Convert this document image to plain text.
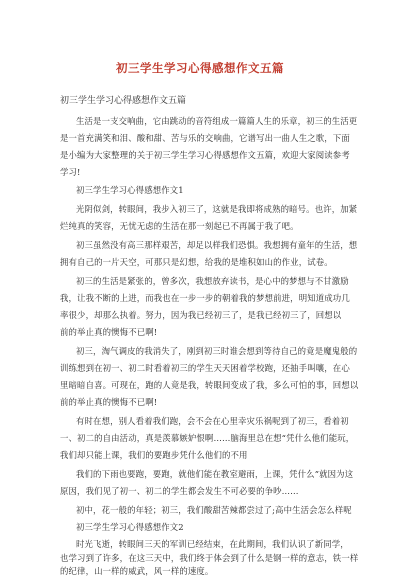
初三学生学习心得感想作文五篇
初三学生学习心得感想作文五篇
生活是一支交响曲，它由跳动的音符组成一篇篇人生的乐章，初三的生活更
是一首充满笑和泪、酸和甜、苦与乐的交响曲，它谱写出一曲人生之歌，下面
是小编为大家整理的关于初三学生学习心得感想作文五篇，欢迎大家阅读参考
学习!
初三学生学习心得感想作文1
光阴似剑，转眼间，我步入初三了，这就是我即将成熟的暗号。也许，加紧
烂纯真的笑容，无忧无虑的生活在那一刻起已不再属于我了吧。
初三虽然没有高三那样艰苦，却足以样我们恐惧。我想拥有童年的生活，想
拥有自己的一片天空，可那只是幻想，给我的是堆积如山的作业，试卷。
初三的生活是紧张的，曾多次，我想放弃读书，是心中的梦想与不甘激励
我，让我不断的上进，而我也在一步一步的朝着我的梦想前进，明知道成功几
率很少，却那么执着。努力，因为我已经初三了，是我已经初三了，回想以
前的举止真的懊悔不已啊!
初三，淘气调皮的我消失了，刚到初三时谁会想到等待自己的竟是魔鬼般的
训练想到在初一、初二时看着初三的学生天天困着学校跑，还抽手叫嚷，在心
里暗暗自喜。可现在，跑的人竟是我，转眼间变成了我，多么可怕的事，回想以
前的举止真的懊悔不已啊!
有时在想，别人看着我们跑，会不会在心里幸灾乐祸呢到了初三，看着初
一、初二的自由活动，真是羡慕嫉妒恨啊……脑海里总在想“凭什么他们能玩，
我们却只能上课，我们的要跑步凭什么他们的不用
我们的下雨也要跑，要跑，就他们能在教室避雨，上课，凭什么”就因为这
原因，我们见了初一、初二的学生都会发生不可必要的争吵……
初中，花一般的年轻；初三，我们酸甜苦辣都尝过了;高中生活会怎么样呢
初三学生学习心得感想作文2
时光飞逝，转眼间三天的军训已经结束，在此期间，我们认识了新同学，
也学习到了许多，在这三天中，我们终于体会到了什么是钢一样的意志，铁一样
的纪律，山一样的威武，风一样的速度。
